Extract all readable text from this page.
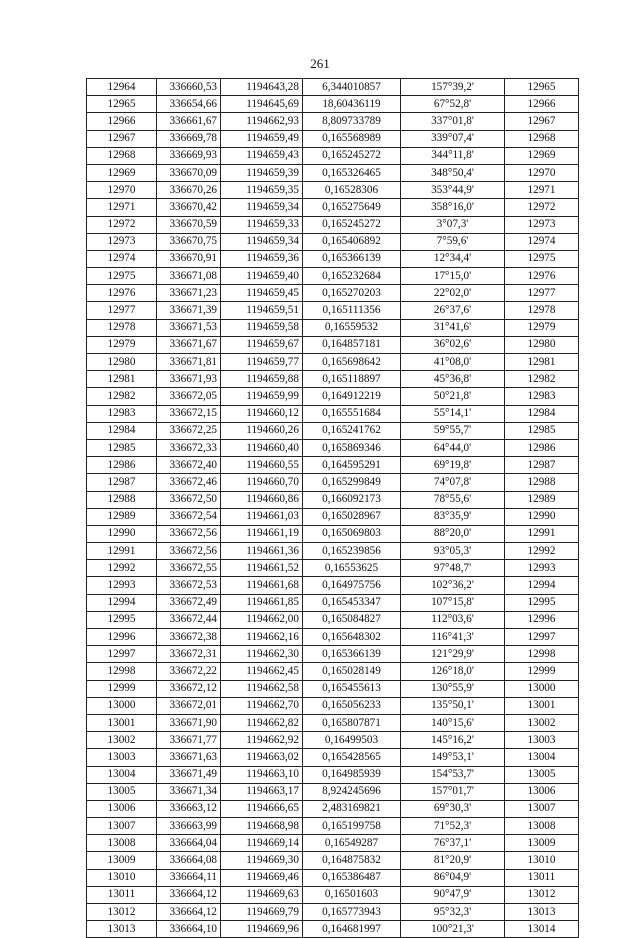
261
12964	336660,53	1194643,28	6,344010857	157°39,2'	12965
12965	336654,66	1194645,69	18,60436119	67°52,8'	12966
12966	336661,67	1194662,93	8,809733789	337°01,8'	12967
12967	336669,78	1194659,49	0,165568989	339°07,4'	12968
12968	336669,93	1194659,43	0,165245272	344°11,8'	12969
12969	336670,09	1194659,39	0,165326465	348°50,4'	12970
12970	336670,26	1194659,35	0,16528306	353°44,9'	12971
12971	336670,42	1194659,34	0,165275649	358°16,0'	12972
12972	336670,59	1194659,33	0,165245272	3°07,3'	12973
12973	336670,75	1194659,34	0,165406892	7°59,6'	12974
12974	336670,91	1194659,36	0,165366139	12°34,4'	12975
12975	336671,08	1194659,40	0,165232684	17°15,0'	12976
12976	336671,23	1194659,45	0,165270203	22°02,0'	12977
12977	336671,39	1194659,51	0,165111356	26°37,6'	12978
12978	336671,53	1194659,58	0,16559532	31°41,6'	12979
12979	336671,67	1194659,67	0,164857181	36°02,6'	12980
12980	336671,81	1194659,77	0,165698642	41°08,0'	12981
12981	336671,93	1194659,88	0,165118897	45°36,8'	12982
12982	336672,05	1194659,99	0,164912219	50°21,8'	12983
12983	336672,15	1194660,12	0,165551684	55°14,1'	12984
12984	336672,25	1194660,26	0,165241762	59°55,7'	12985
12985	336672,33	1194660,40	0,165869346	64°44,0'	12986
12986	336672,40	1194660,55	0,164595291	69°19,8'	12987
12987	336672,46	1194660,70	0,165299849	74°07,8'	12988
12988	336672,50	1194660,86	0,166092173	78°55,6'	12989
12989	336672,54	1194661,03	0,165028967	83°35,9'	12990
12990	336672,56	1194661,19	0,165069803	88°20,0'	12991
12991	336672,56	1194661,36	0,165239856	93°05,3'	12992
12992	336672,55	1194661,52	0,16553625	97°48,7'	12993
12993	336672,53	1194661,68	0,164975756	102°36,2'	12994
12994	336672,49	1194661,85	0,165453347	107°15,8'	12995
12995	336672,44	1194662,00	0,165084827	112°03,6'	12996
12996	336672,38	1194662,16	0,165648302	116°41,3'	12997
12997	336672,31	1194662,30	0,165366139	121°29,9'	12998
12998	336672,22	1194662,45	0,165028149	126°18,0'	12999
12999	336672,12	1194662,58	0,165455613	130°55,9'	13000
13000	336672,01	1194662,70	0,165056233	135°50,1'	13001
13001	336671,90	1194662,82	0,165807871	140°15,6'	13002
13002	336671,77	1194662,92	0,16499503	145°16,2'	13003
13003	336671,63	1194663,02	0,165428565	149°53,1'	13004
13004	336671,49	1194663,10	0,164985939	154°53,7'	13005
13005	336671,34	1194663,17	8,924245696	157°01,7'	13006
13006	336663,12	1194666,65	2,483169821	69°30,3'	13007
13007	336663,99	1194668,98	0,165199758	71°52,3'	13008
13008	336664,04	1194669,14	0,16549287	76°37,1'	13009
13009	336664,08	1194669,30	0,164875832	81°20,9'	13010
13010	336664,11	1194669,46	0,165386487	86°04,9'	13011
13011	336664,12	1194669,63	0,16501603	90°47,9'	13012
13012	336664,12	1194669,79	0,165773943	95°32,3'	13013
13013	336664,10	1194669,96	0,164681997	100°21,3'	13014
